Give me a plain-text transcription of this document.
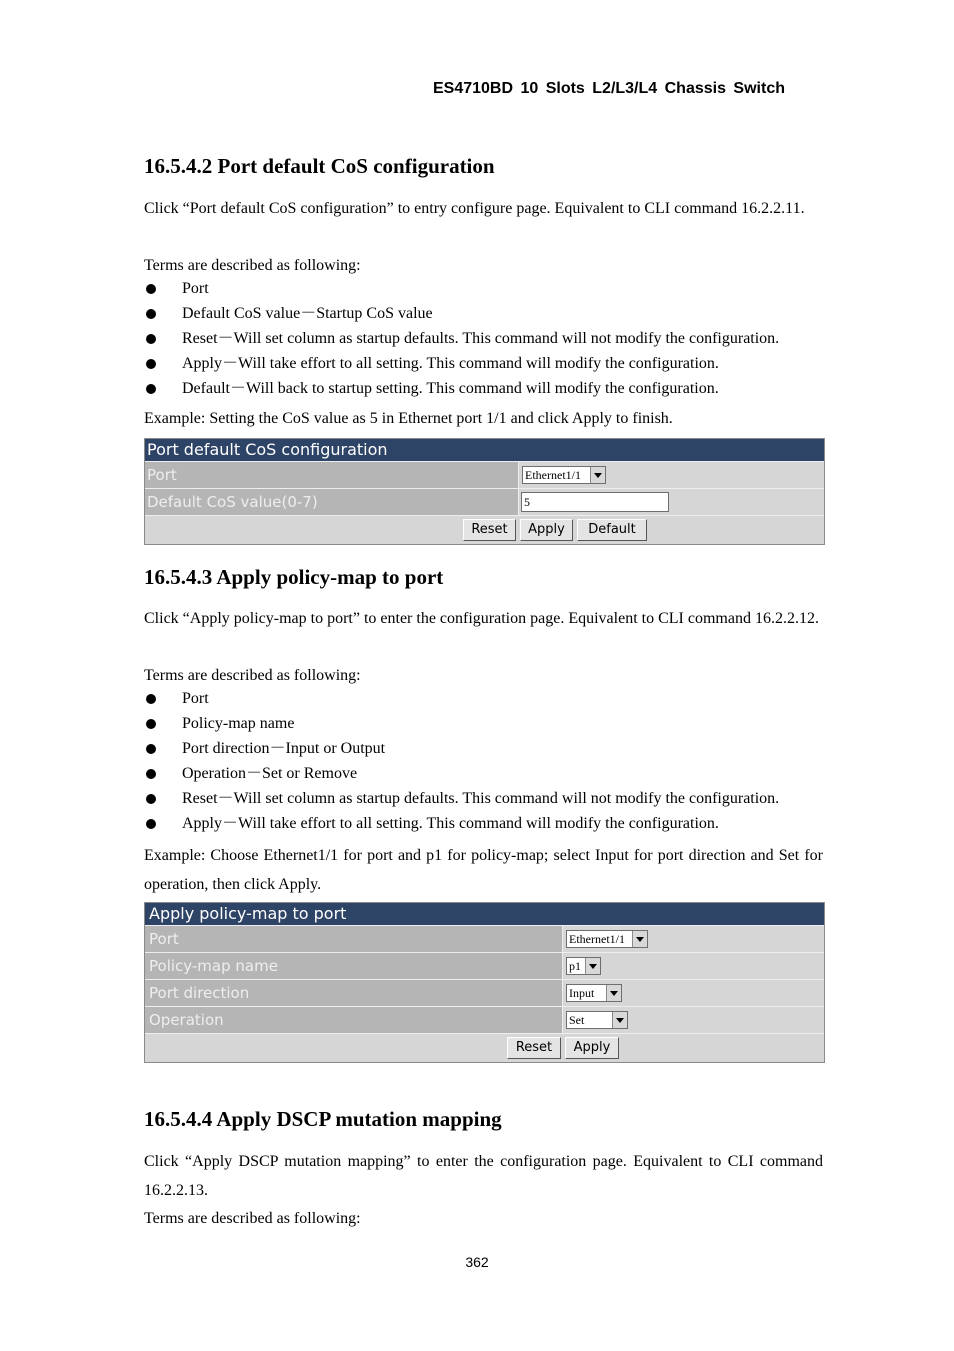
ES4710BD 10 Slots L2/L3/L4 Chassis Switch
16.5.4.2 Port default CoS configuration
Click “Port default CoS configuration” to entry configure page. Equivalent to CLI command 16.2.2.11.
Terms are described as following:
Port
Default CoS value－Startup CoS value
Reset－Will set column as startup defaults. This command will not modify the configuration.
Apply－Will take effort to all setting. This command will modify the configuration.
Default－Will back to startup setting. This command will modify the configuration.
Example: Setting the CoS value as 5 in Ethernet port 1/1 and click Apply to finish.
Port default CoS configuration
Port	Ethernet1/1
Default CoS value(0-7)	5
Reset	Apply	Default
16.5.4.3 Apply policy-map to port
Click “Apply policy-map to port” to enter the configuration page. Equivalent to CLI command 16.2.2.12.
Terms are described as following:
Port
Policy-map name
Port direction－Input or Output
Operation－Set or Remove
Reset－Will set column as startup defaults. This command will not modify the configuration.
Apply－Will take effort to all setting. This command will modify the configuration.
Example: Choose Ethernet1/1 for port and p1 for policy-map; select Input for port direction and Set for operation, then click Apply.
Apply policy-map to port
Port	Ethernet1/1
Policy-map name	p1
Port direction	Input
Operation	Set
Reset	Apply
16.5.4.4 Apply DSCP mutation mapping
Click “Apply DSCP mutation mapping” to enter the configuration page. Equivalent to CLI command 16.2.2.13.
Terms are described as following:
362
